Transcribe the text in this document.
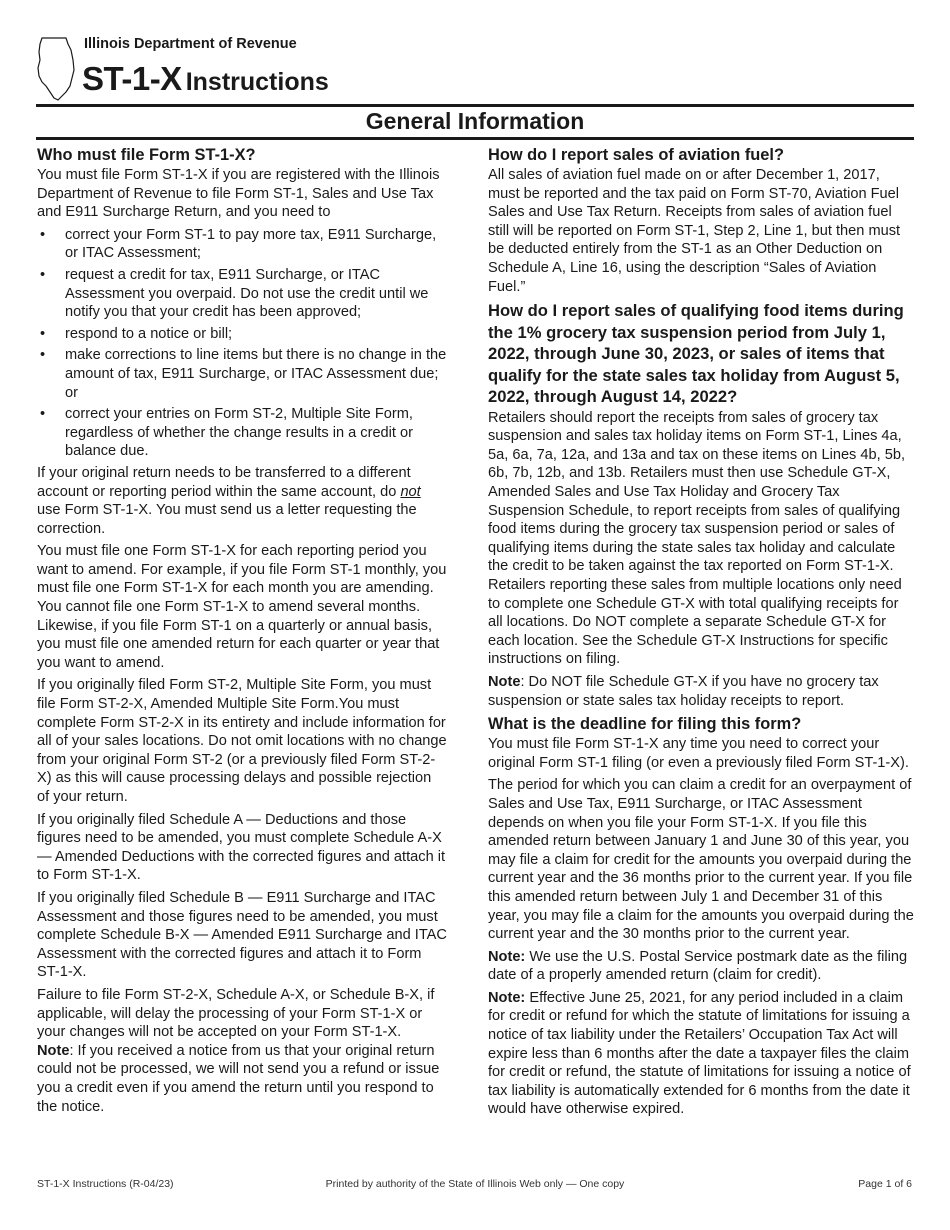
Illinois Department of Revenue
ST-1-X Instructions
General Information
Who must file Form ST-1-X?

You must file Form ST-1-X if you are registered with the Illinois Department of Revenue to file Form ST-1, Sales and Use Tax and E911 Surcharge Return, and you need to

• correct your Form ST-1 to pay more tax, E911 Surcharge, or ITAC Assessment;
• request a credit for tax, E911 Surcharge, or ITAC Assessment you overpaid. Do not use the credit until we notify you that your credit has been approved;
• respond to a notice or bill;
• make corrections to line items but there is no change in the amount of tax, E911 Surcharge, or ITAC Assessment due; or
• correct your entries on Form ST-2, Multiple Site Form, regardless of whether the change results in a credit or balance due.

If your original return needs to be transferred to a different account or reporting period within the same account, do not use Form ST-1-X. You must send us a letter requesting the correction.

You must file one Form ST-1-X for each reporting period you want to amend. For example, if you file Form ST-1 monthly, you must file one Form ST-1-X for each month you are amending. You cannot file one Form ST-1-X to amend several months. Likewise, if you file Form ST-1 on a quarterly or annual basis, you must file one amended return for each quarter or year that you want to amend.

If you originally filed Form ST-2, Multiple Site Form, you must file Form ST-2-X, Amended Multiple Site Form.You must complete Form ST-2-X in its entirety and include information for all of your sales locations. Do not omit locations with no change from your original Form ST-2 (or a previously filed Form ST-2-X) as this will cause processing delays and possible rejection of your return.

If you originally filed Schedule A — Deductions and those figures need to be amended, you must complete Schedule A-X — Amended Deductions with the corrected figures and attach it to Form ST-1-X.

If you originally filed Schedule B — E911 Surcharge and ITAC Assessment and those figures need to be amended, you must complete Schedule B-X — Amended E911 Surcharge and ITAC Assessment with the corrected figures and attach it to Form ST-1-X.

Failure to file Form ST-2-X, Schedule A-X, or Schedule B-X, if applicable, will delay the processing of your Form ST-1-X or your changes will not be accepted on your Form ST-1-X.
Note: If you received a notice from us that your original return could not be processed, we will not send you a refund or issue you a credit even if you amend the return until you respond to the notice.

How do I report sales of aviation fuel?

All sales of aviation fuel made on or after December 1, 2017, must be reported and the tax paid on Form ST-70, Aviation Fuel Sales and Use Tax Return. Receipts from sales of aviation fuel still will be reported on Form ST-1, Step 2, Line 1, but then must be deducted entirely from the ST-1 as an Other Deduction on Schedule A, Line 16, using the description “Sales of Aviation Fuel.”

How do I report sales of qualifying food items during the 1% grocery tax suspension period from July 1, 2022, through June 30, 2023, or sales of items that qualify for the state sales tax holiday from August 5, 2022, through August 14, 2022?

Retailers should report the receipts from sales of grocery tax suspension and sales tax holiday items on Form ST-1, Lines 4a, 5a, 6a, 7a, 12a, and 13a and tax on these items on Lines 4b, 5b, 6b, 7b, 12b, and 13b. Retailers must then use Schedule GT-X, Amended Sales and Use Tax Holiday and Grocery Tax Suspension Schedule, to report receipts from sales of qualifying food items during the grocery tax suspension period or sales of qualifying items during the state sales tax holiday and calculate the credit to be taken against the tax reported on Form ST-1-X. Retailers reporting these sales from multiple locations only need to complete one Schedule GT-X with total qualifying receipts for all locations. Do NOT complete a separate Schedule GT-X for each location. See the Schedule GT-X Instructions for specific instructions on filing.

Note: Do NOT file Schedule GT-X if you have no grocery tax suspension or state sales tax holiday receipts to report.

What is the deadline for filing this form?

You must file Form ST-1-X any time you need to correct your original Form ST-1 filing (or even a previously filed Form ST-1-X).

The period for which you can claim a credit for an overpayment of Sales and Use Tax, E911 Surcharge, or ITAC Assessment depends on when you file your Form ST-1-X. If you file this amended return between January 1 and June 30 of this year, you may file a claim for credit for the amounts you overpaid during the current year and the 36 months prior to the current year. If you file this amended return between July 1 and December 31 of this year, you may file a claim for the amounts you overpaid during the current year and the 30 months prior to the current year.

Note: We use the U.S. Postal Service postmark date as the filing date of a properly amended return (claim for credit).

Note: Effective June 25, 2021, for any period included in a claim for credit or refund for which the statute of limitations for issuing a notice of tax liability under the Retailers’ Occupation Tax Act will expire less than 6 months after the date a taxpayer files the claim for credit or refund, the statute of limitations for issuing a notice of tax liability is automatically extended for 6 months from the date it would have otherwise expired.

Printed by authority of the State of Illinois Web only — One copy
ST-1-X Instructions (R-04/23)	Page 1 of 6
